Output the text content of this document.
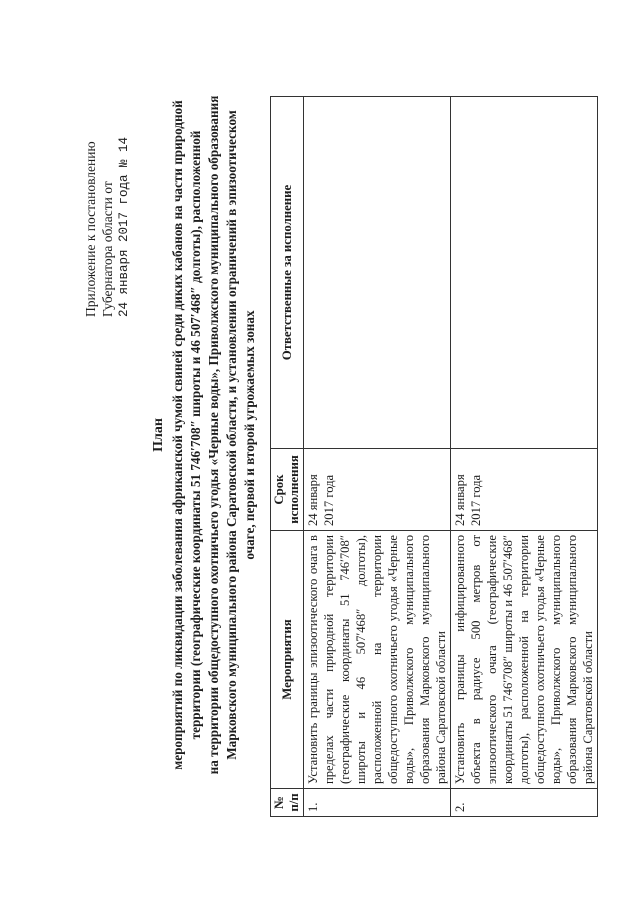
Приложение к постановлению Губернатора области от 24 января 2017 года № 14
План мероприятий по ликвидации заболевания африканской чумой свиней среди диких кабанов на части природной территории (географические координаты 51 746′708″ широты и 46 507′468″ долготы), расположенной на территории общедоступного охотничьего угодья «Черные воды», Приволжского муниципального образования Марковского муниципального района Саратовской области, и установлении ограничений в эпизоотическом очаге, первой и второй угрожаемых зонах
№ п/п	Мероприятия	Срок исполнения	Ответственные за исполнение
1.	Установить границы эпизоотического очага в пределах части природной территории (географические координаты 51 746′708″ широты и 46 507′468″ долготы), расположенной на территории общедоступного охотничьего угодья «Черные воды», Приволжского муниципального образования Марковского муниципального района Саратовской области	24 января 2017 года	
2.	Установить границы инфицированного объекта в радиусе 500 метров от эпизоотического очага (географические координаты 51 746′708″ широты и 46 507′468″ долготы), расположенной на территории общедоступного охотничьего угодья «Черные воды», Приволжского муниципального образования Марковского муниципального района Саратовской области	24 января 2017 года	
